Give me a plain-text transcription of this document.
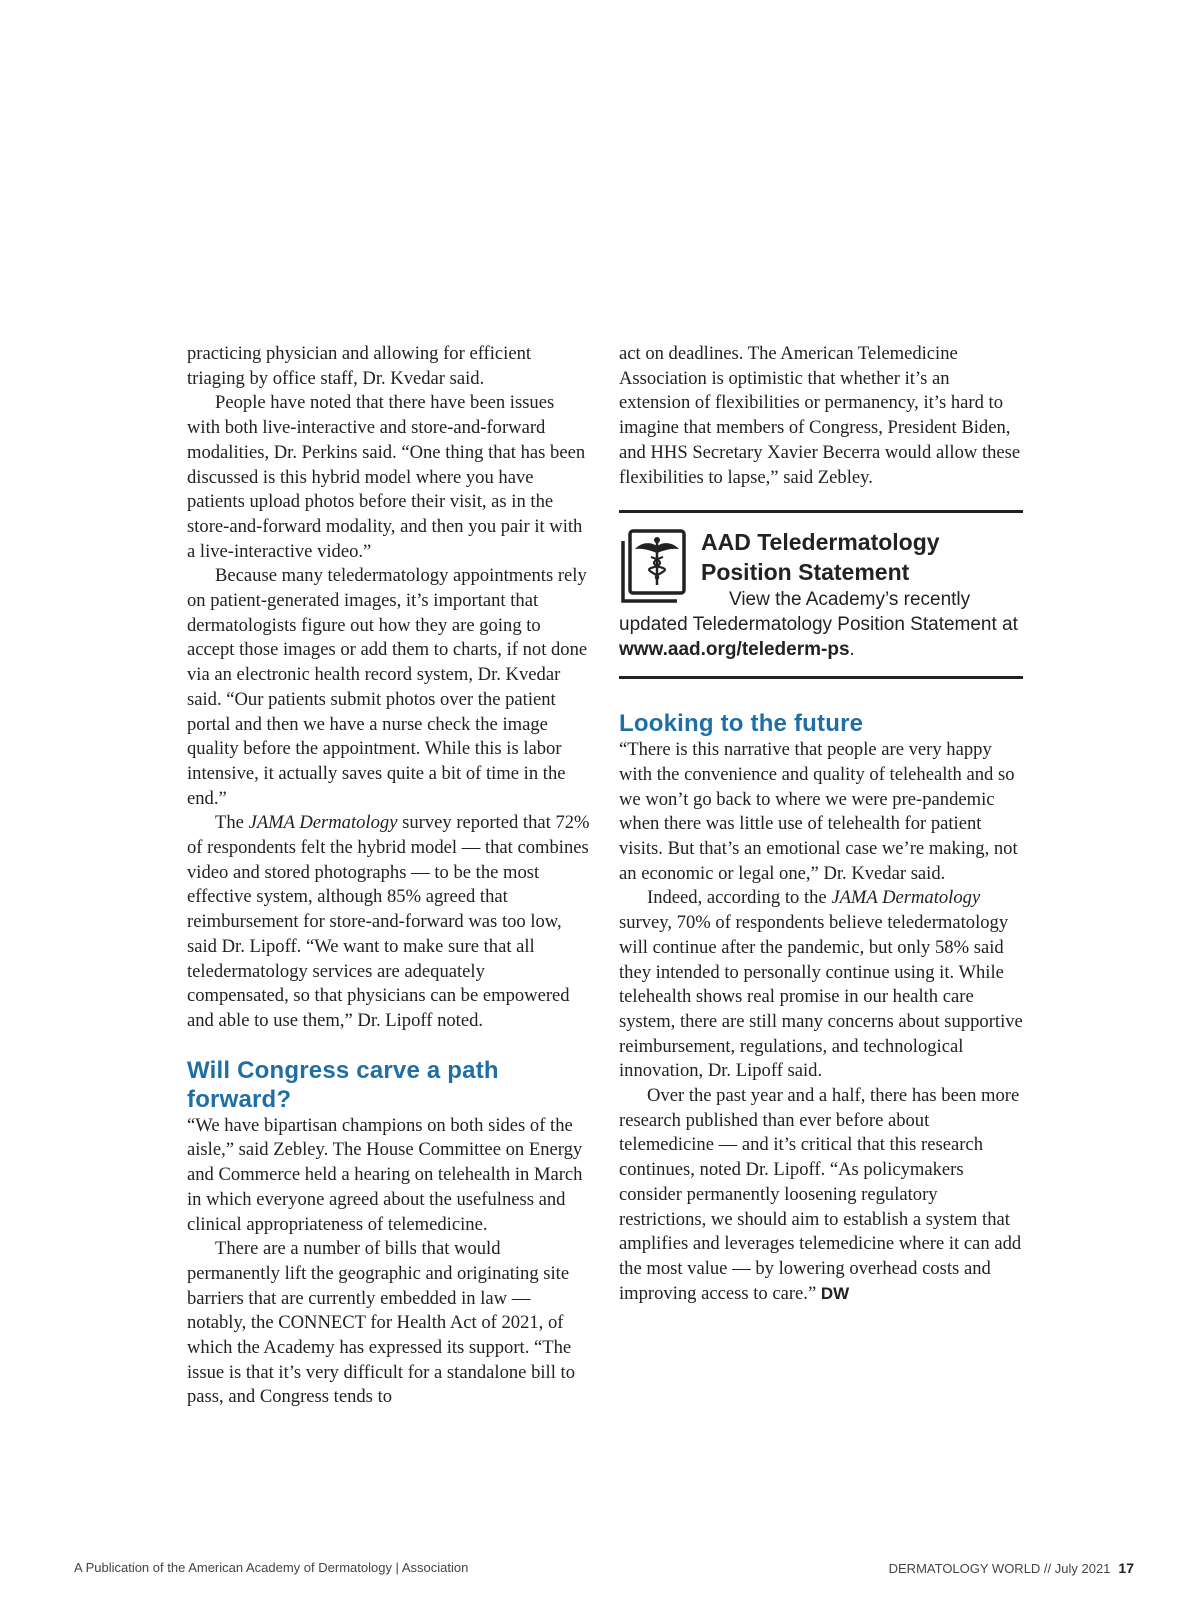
practicing physician and allowing for efficient triaging by office staff, Dr. Kvedar said.

People have noted that there have been issues with both live-interactive and store-and-forward modalities, Dr. Perkins said. “One thing that has been discussed is this hybrid model where you have patients upload photos before their visit, as in the store-and-forward modality, and then you pair it with a live-interactive video.”

Because many teledermatology appointments rely on patient-generated images, it’s important that dermatologists figure out how they are going to accept those images or add them to charts, if not done via an electronic health record system, Dr. Kvedar said. “Our patients submit photos over the patient portal and then we have a nurse check the image quality before the appointment. While this is labor intensive, it actually saves quite a bit of time in the end.”

The JAMA Dermatology survey reported that 72% of respondents felt the hybrid model — that combines video and stored photographs — to be the most effective system, although 85% agreed that reimbursement for store-and-forward was too low, said Dr. Lipoff. “We want to make sure that all teledermatology services are adequately compensated, so that physicians can be empowered and able to use them,” Dr. Lipoff noted.

Will Congress carve a path forward?

“We have bipartisan champions on both sides of the aisle,” said Zebley. The House Committee on Energy and Commerce held a hearing on telehealth in March in which everyone agreed about the usefulness and clinical appropriateness of telemedicine.

There are a number of bills that would permanently lift the geographic and originating site barriers that are currently embedded in law — notably, the CONNECT for Health Act of 2021, of which the Academy has expressed its support. “The issue is that it’s very difficult for a standalone bill to pass, and Congress tends to

act on deadlines. The American Telemedicine Association is optimistic that whether it’s an extension of flexibilities or permanency, it’s hard to imagine that members of Congress, President Biden, and HHS Secretary Xavier Becerra would allow these flexibilities to lapse,” said Zebley.

AAD Teledermatology Position Statement

View the Academy’s recently updated Teledermatology Position Statement at www.aad.org/telederm-ps.

Looking to the future

“There is this narrative that people are very happy with the convenience and quality of telehealth and so we won’t go back to where we were pre-pandemic when there was little use of telehealth for patient visits. But that’s an emotional case we’re making, not an economic or legal one,” Dr. Kvedar said.

Indeed, according to the JAMA Dermatology survey, 70% of respondents believe teledermatology will continue after the pandemic, but only 58% said they intended to personally continue using it. While telehealth shows real promise in our health care system, there are still many concerns about supportive reimbursement, regulations, and technological innovation, Dr. Lipoff said.

Over the past year and a half, there has been more research published than ever before about telemedicine — and it’s critical that this research continues, noted Dr. Lipoff. “As policymakers consider permanently loosening regulatory restrictions, we should aim to establish a system that amplifies and leverages telemedicine where it can add the most value — by lowering overhead costs and improving access to care.” DW

A Publication of the American Academy of Dermatology | Association	DERMATOLOGY WORLD // July 2021 17
